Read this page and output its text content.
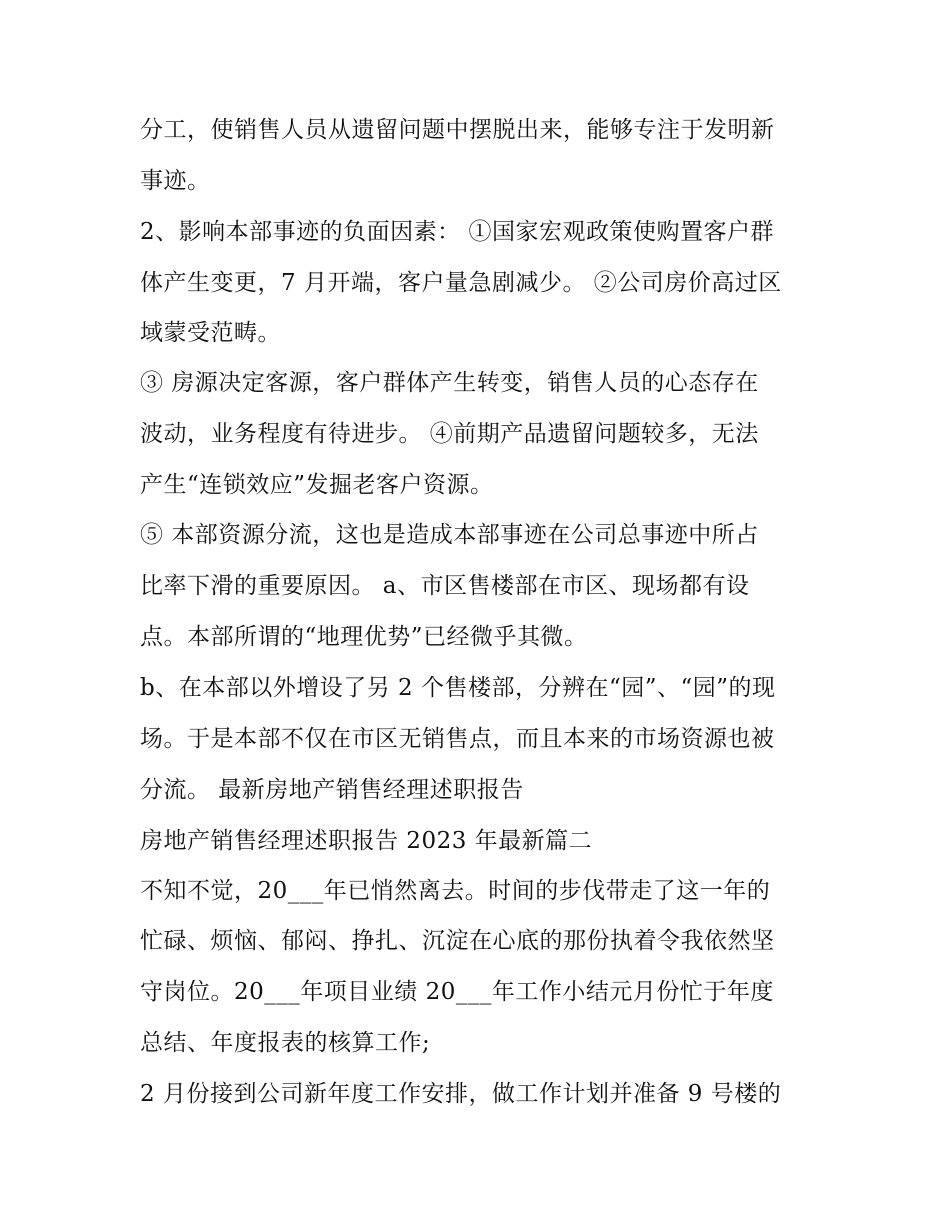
分工，使销售人员从遗留问题中摆脱出来，能够专注于发明新
事迹。
2、影响本部事迹的负面因素： ①国家宏观政策使购置客户群
体产生变更，7 月开端，客户量急剧减少。 ②公司房价高过区
域蒙受范畴。
③ 房源决定客源，客户群体产生转变，销售人员的心态存在
波动，业务程度有待进步。 ④前期产品遗留问题较多，无法
产生“连锁效应”发掘老客户资源。
⑤ 本部资源分流，这也是造成本部事迹在公司总事迹中所占
比率下滑的重要原因。 a、市区售楼部在市区、现场都有设
点。本部所谓的“地理优势”已经微乎其微。
b、在本部以外增设了另 2 个售楼部，分辨在“园”、“园”的现
场。于是本部不仅在市区无销售点，而且本来的市场资源也被
分流。 最新房地产销售经理述职报告
房地产销售经理述职报告 2023 年最新篇二
不知不觉，20___年已悄然离去。时间的步伐带走了这一年的
忙碌、烦恼、郁闷、挣扎、沉淀在心底的那份执着令我依然坚
守岗位。20___年项目业绩 20___年工作小结元月份忙于年度
总结、年度报表的核算工作;
2 月份接到公司新年度工作安排，做工作计划并准备 9 号楼的
